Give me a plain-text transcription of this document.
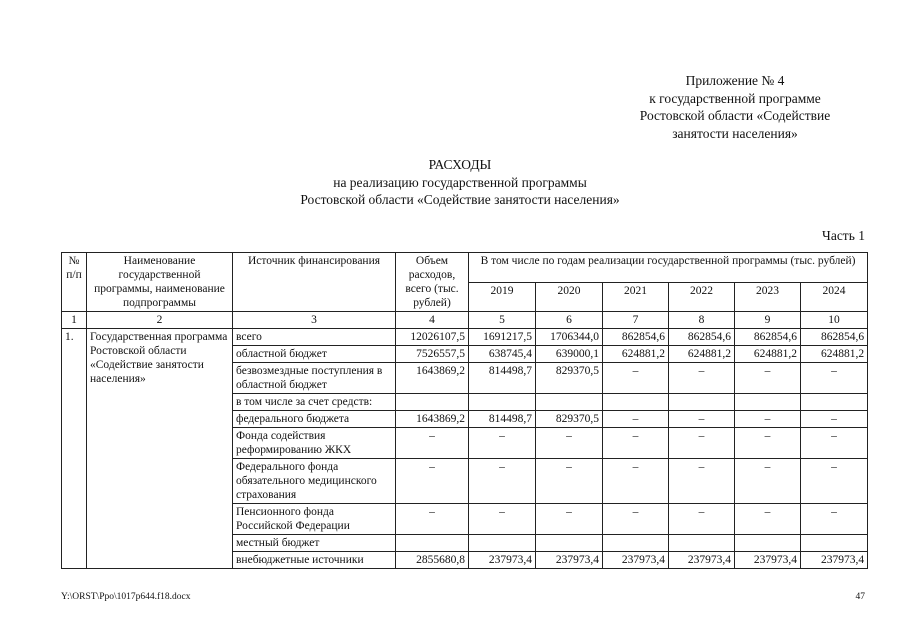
Приложение № 4
к государственной программе
Ростовской области «Содействие
занятости населения»
РАСХОДЫ
на реализацию государственной программы
Ростовской области «Содействие занятости населения»
Часть 1
№ п/п	Наименование государственной программы, наименование подпрограммы	Источник финансирования	Объем расходов, всего (тыс. рублей)	В том числе по годам реализации государственной программы (тыс. рублей)					
				2019	2020	2021	2022	2023	2024
1	2	3	4	5	6	7	8	9	10
1.	Государственная программа Ростовской области «Содействие занятости населения»	всего	12026107,5	1691217,5	1706344,0	862854,6	862854,6	862854,6	862854,6
		областной бюджет	7526557,5	638745,4	639000,1	624881,2	624881,2	624881,2	624881,2
		безвозмездные поступления в областной бюджет	1643869,2	814498,7	829370,5	–	–	–	–
		в том числе за счет средств:							
		федерального бюджета	1643869,2	814498,7	829370,5	–	–	–	–
		Фонда содействия реформированию ЖКХ	–	–	–	–	–	–	–
		Федерального фонда обязательного медицинского страхования	–	–	–	–	–	–	–
		Пенсионного фонда Российской Федерации	–	–	–	–	–	–	–
		местный бюджет							
		внебюджетные источники	2855680,8	237973,4	237973,4	237973,4	237973,4	237973,4	237973,4
Y:\ORST\Ppo\1017p644.f18.docx	47
